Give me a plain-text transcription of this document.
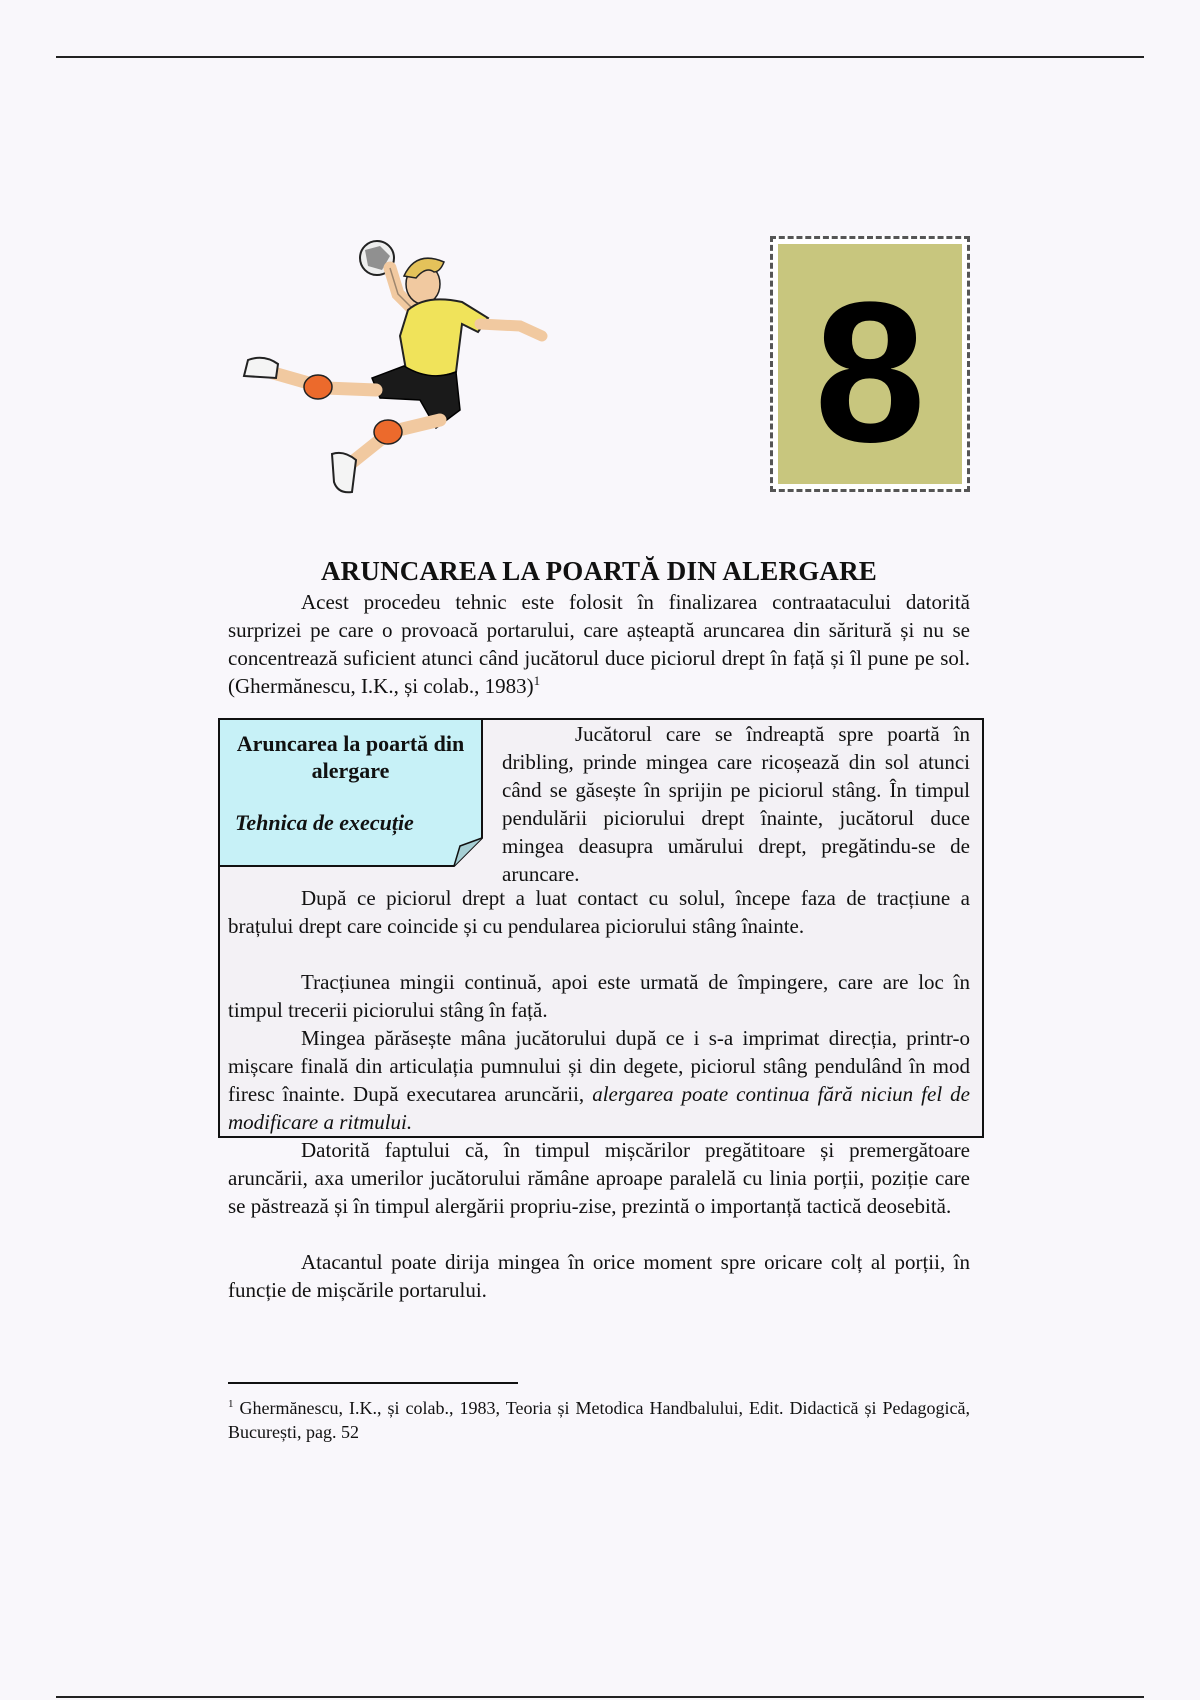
8
ARUNCAREA LA POARTĂ DIN ALERGARE

Acest procedeu tehnic este folosit în finalizarea contraatacului datorită surprizei pe care o provoacă portarului, care așteaptă aruncarea din săritură și nu se concentrează suficient atunci când jucătorul duce piciorul drept în față și îl pune pe sol. (Ghermănescu, I.K., și colab., 1983)$^1$

Aruncarea la poartă din alergare
Tehnica de execuție

Jucătorul care se îndreaptă spre poartă în dribling, prinde mingea care ricoșează din sol atunci când se găsește în sprijin pe piciorul stâng. În timpul pendulării piciorului drept înainte, jucătorul duce mingea deasupra umărului drept, pregătindu-se de aruncare.

După ce piciorul drept a luat contact cu solul, începe faza de tracțiune a brațului drept care coincide și cu pendularea piciorului stâng înainte.

Tracțiunea mingii continuă, apoi este urmată de împingere, care are loc în timpul trecerii piciorului stâng în față.

Mingea părăsește mâna jucătorului după ce i s-a imprimat direcția, printr-o mișcare finală din articulația pumnului și din degete, piciorul stâng pendulând în mod firesc înainte. După executarea aruncării, alergarea poate continua fără niciun fel de modificare a ritmului.

Datorită faptului că, în timpul mișcărilor pregătitoare și premergătoare aruncării, axa umerilor jucătorului rămâne aproape paralelă cu linia porții, poziție care se păstrează și în timpul alergării propriu-zise, prezintă o importanță tactică deosebită.

Atacantul poate dirija mingea în orice moment spre oricare colț al porții, în funcție de mișcările portarului.

$^1$ Ghermănescu, I.K., și colab., 1983, Teoria și Metodica Handbalului, Edit. Didactică și Pedagogică, București, pag. 52
